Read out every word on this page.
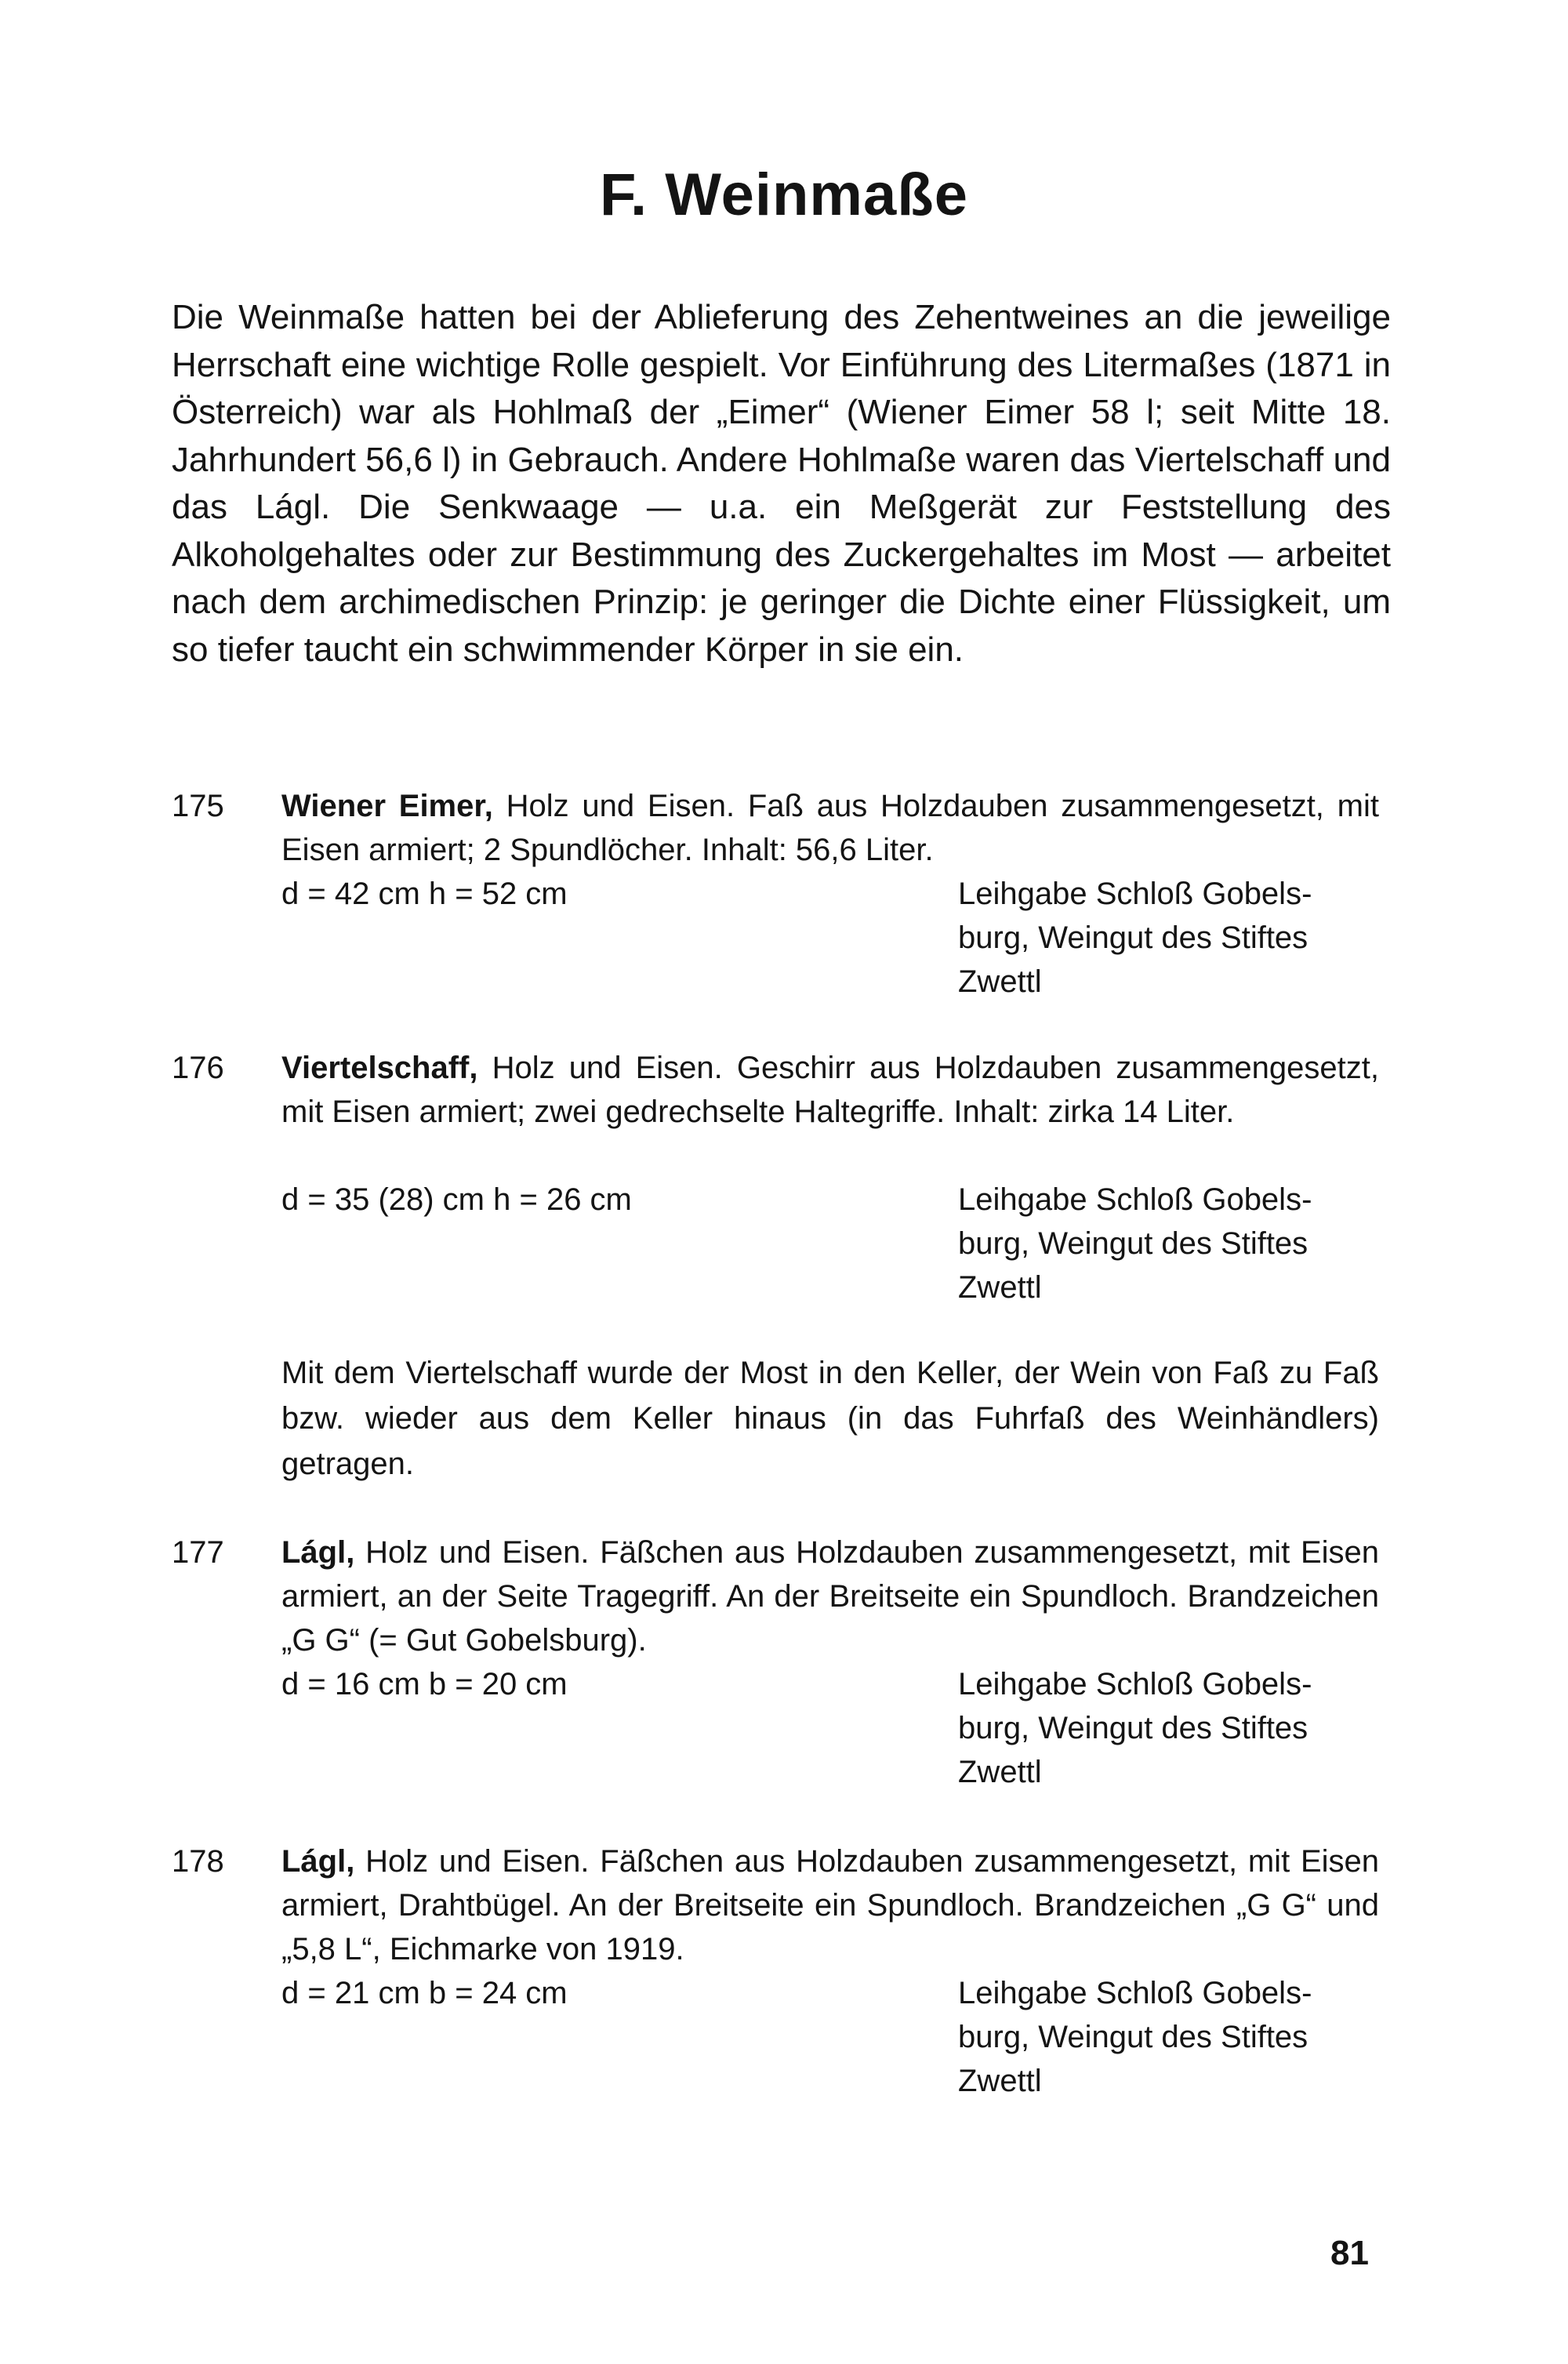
F. Weinmaße

Die Weinmaße hatten bei der Ablieferung des Zehentweines an die jeweilige Herrschaft eine wichtige Rolle gespielt. Vor Einführung des Litermaßes (1871 in Österreich) war als Hohlmaß der „Eimer“ (Wiener Eimer 58 l; seit Mitte 18. Jahrhundert 56,6 l) in Gebrauch. Andere Hohlmaße waren das Viertelschaff und das Lágl. Die Senkwaage — u.a. ein Meßgerät zur Feststellung des Alkoholgehaltes oder zur Bestimmung des Zuckergehaltes im Most — arbeitet nach dem archimedischen Prinzip: je geringer die Dichte einer Flüssigkeit, um so tiefer taucht ein schwimmender Körper in sie ein.

175 Wiener Eimer, Holz und Eisen. Faß aus Holzdauben zusammengesetzt, mit Eisen armiert; 2 Spundlöcher. Inhalt: 56,6 Liter.

d = 42 cm h = 52 cm	Leihgabe Schloß Gobels-
burg, Weingut des Stiftes
Zwettl
176 Viertelschaff, Holz und Eisen. Geschirr aus Holzdauben zusammengesetzt, mit Eisen armiert; zwei gedrechselte Haltegriffe. Inhalt: zirka 14 Liter.

d = 35 (28) cm h = 26 cm	Leihgabe Schloß Gobels-
burg, Weingut des Stiftes
Zwettl

Mit dem Viertelschaff wurde der Most in den Keller, der Wein von Faß zu Faß bzw. wieder aus dem Keller hinaus (in das Fuhrfaß des Weinhändlers) getragen.

177 Lágl, Holz und Eisen. Fäßchen aus Holzdauben zusammengesetzt, mit Eisen armiert, an der Seite Tragegriff. An der Breitseite ein Spundloch. Brandzeichen „G G“ (= Gut Gobelsburg).

d = 16 cm b = 20 cm	Leihgabe Schloß Gobels-
burg, Weingut des Stiftes
Zwettl
178 Lágl, Holz und Eisen. Fäßchen aus Holzdauben zusammengesetzt, mit Eisen armiert, Drahtbügel. An der Breitseite ein Spundloch. Brandzeichen „G G“ und „5,8 L“, Eichmarke von 1919.

d = 21 cm b = 24 cm	Leihgabe Schloß Gobels-
burg, Weingut des Stiftes
Zwettl
81
